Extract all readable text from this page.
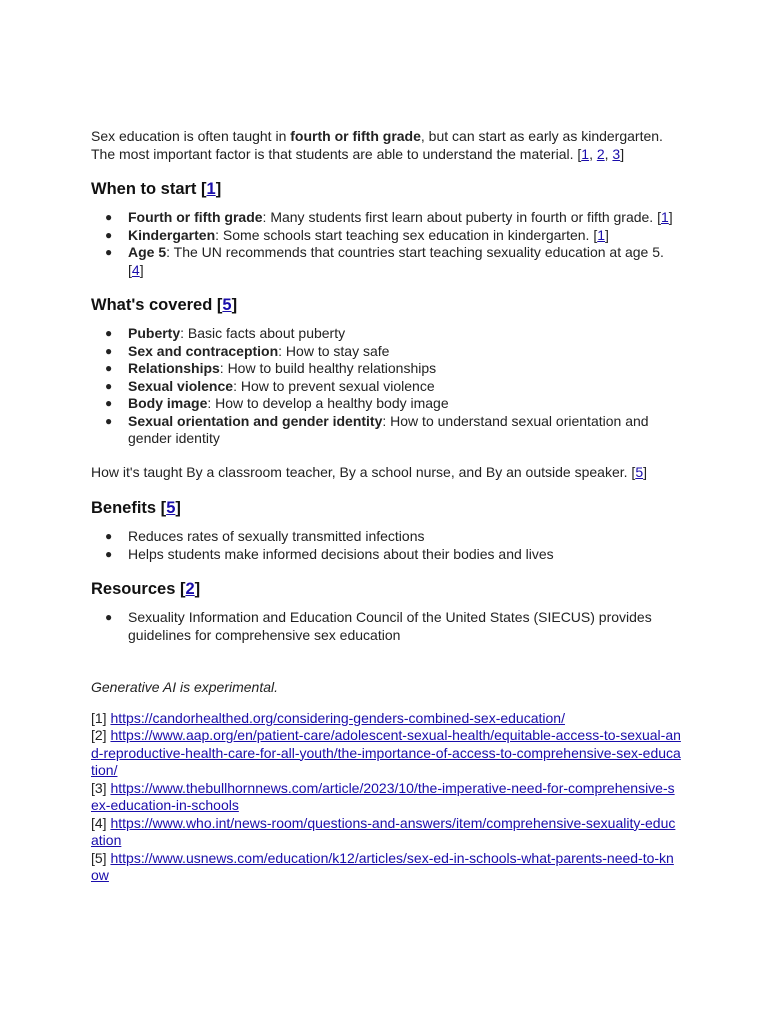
Sex education is often taught in fourth or fifth grade, but can start as early as kindergarten. The most important factor is that students are able to understand the material. [1, 2, 3]

When to start [1]
● Fourth or fifth grade: Many students first learn about puberty in fourth or fifth grade. [1]
● Kindergarten: Some schools start teaching sex education in kindergarten. [1]
● Age 5: The UN recommends that countries start teaching sexuality education at age 5. [4]
What's covered [5]
● Puberty: Basic facts about puberty
● Sex and contraception: How to stay safe
● Relationships: How to build healthy relationships
● Sexual violence: How to prevent sexual violence
● Body image: How to develop a healthy body image
● Sexual orientation and gender identity: How to understand sexual orientation and gender identity

How it's taught By a classroom teacher, By a school nurse, and By an outside speaker. [5]

Benefits [5]
● Reduces rates of sexually transmitted infections
● Helps students make informed decisions about their bodies and lives
Resources [2]
● Sexuality Information and Education Council of the United States (SIECUS) provides guidelines for comprehensive sex education

Generative AI is experimental.

[1] https://candorhealthed.org/considering-genders-combined-sex-education/

[2] https://www.aap.org/en/patient-care/adolescent-sexual-health/equitable-access-to-sexual-and-reproductive-health-care-for-all-youth/the-importance-of-access-to-comprehensive-sex-education/

[3] https://www.thebullhornnews.com/article/2023/10/the-imperative-need-for-comprehensive-sex-education-in-schools

[4] https://www.who.int/news-room/questions-and-answers/item/comprehensive-sexuality-education

[5] https://www.usnews.com/education/k12/articles/sex-ed-in-schools-what-parents-need-to-know
